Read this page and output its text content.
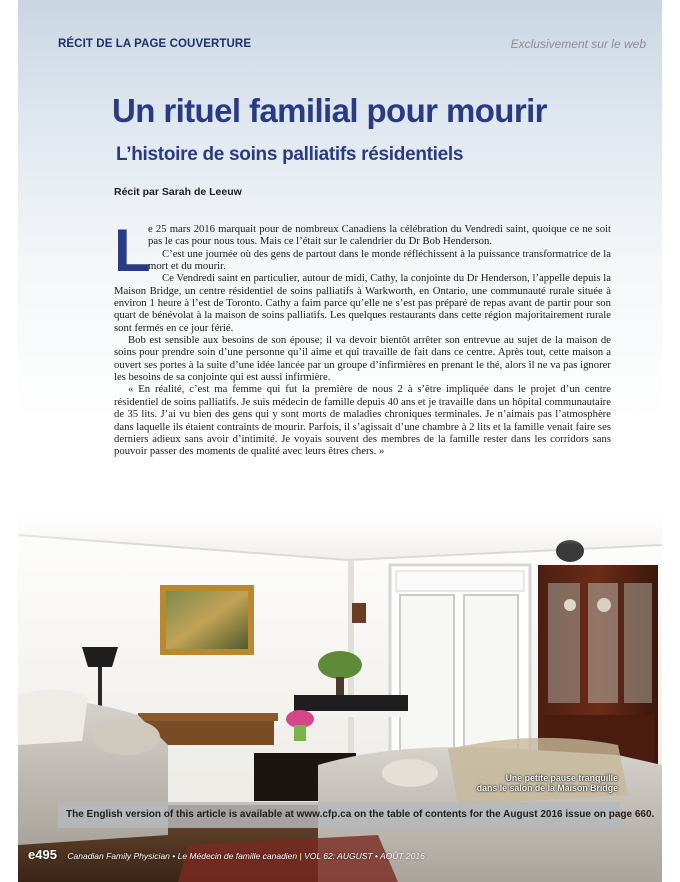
RÉCIT DE LA PAGE COUVERTURE	Exclusivement sur le web
Un rituel familial pour mourir
L’histoire de soins palliatifs résidentiels
Récit par Sarah de Leeuw
L

e 25 mars 2016 marquait pour de nombreux Canadiens la célébration du Vendredi saint, quoique ce ne soit pas le cas pour nous tous. Mais ce l’était sur le calendrier du Dr Bob Henderson.

C’est une journée où des gens de partout dans le monde réfléchissent à la puissance transformatrice de la mort et du mourir.

Ce Vendredi saint en particulier, autour de midi, Cathy, la conjointe du Dr Henderson, l’appelle depuis la Maison Bridge, un centre résidentiel de soins palliatifs à Warkworth, en Ontario, une communauté rurale située à environ 1 heure à l’est de Toronto. Cathy a faim parce qu’elle ne s’est pas préparé de repas avant de partir pour son quart de bénévolat à la maison de soins palliatifs. Les quelques restaurants dans cette région majoritairement rurale sont fermés en ce jour férié.

Bob est sensible aux besoins de son épouse; il va devoir bientôt arrêter son entrevue au sujet de la maison de soins pour prendre soin d’une personne qu’il aime et qui travaille de fait dans ce centre. Après tout, cette maison a ouvert ses portes à la suite d’une idée lancée par un groupe d’infirmières en prenant le thé, alors il ne va pas ignorer les besoins de sa conjointe qui est aussi infirmière.

« En réalité, c’est ma femme qui fut la première de nous 2 à s’être impliquée dans le projet d’un centre résidentiel de soins palliatifs. Je suis médecin de famille depuis 40 ans et je travaille dans un hôpital communautaire de 35 lits. J’ai vu bien des gens qui y sont morts de maladies chroniques terminales. Je n’aimais pas l’atmosphère dans laquelle ils étaient contraints de mourir. Parfois, il s’agissait d’une chambre à 2 lits et la famille venait faire ses derniers adieux sans avoir d’intimité. Je voyais souvent des membres de la famille rester dans les corridors sans pouvoir passer des moments de qualité avec leurs êtres chers. »

Une petite pause tranquille
dans le salon de la Maison Bridge
The English version of this article is available at www.cfp.ca on the table of contents for the August 2016 issue on page 660.
e495 Canadian Family Physician • Le Médecin de famille canadien | VOL 62: AUGUST • AOÛT 2016
